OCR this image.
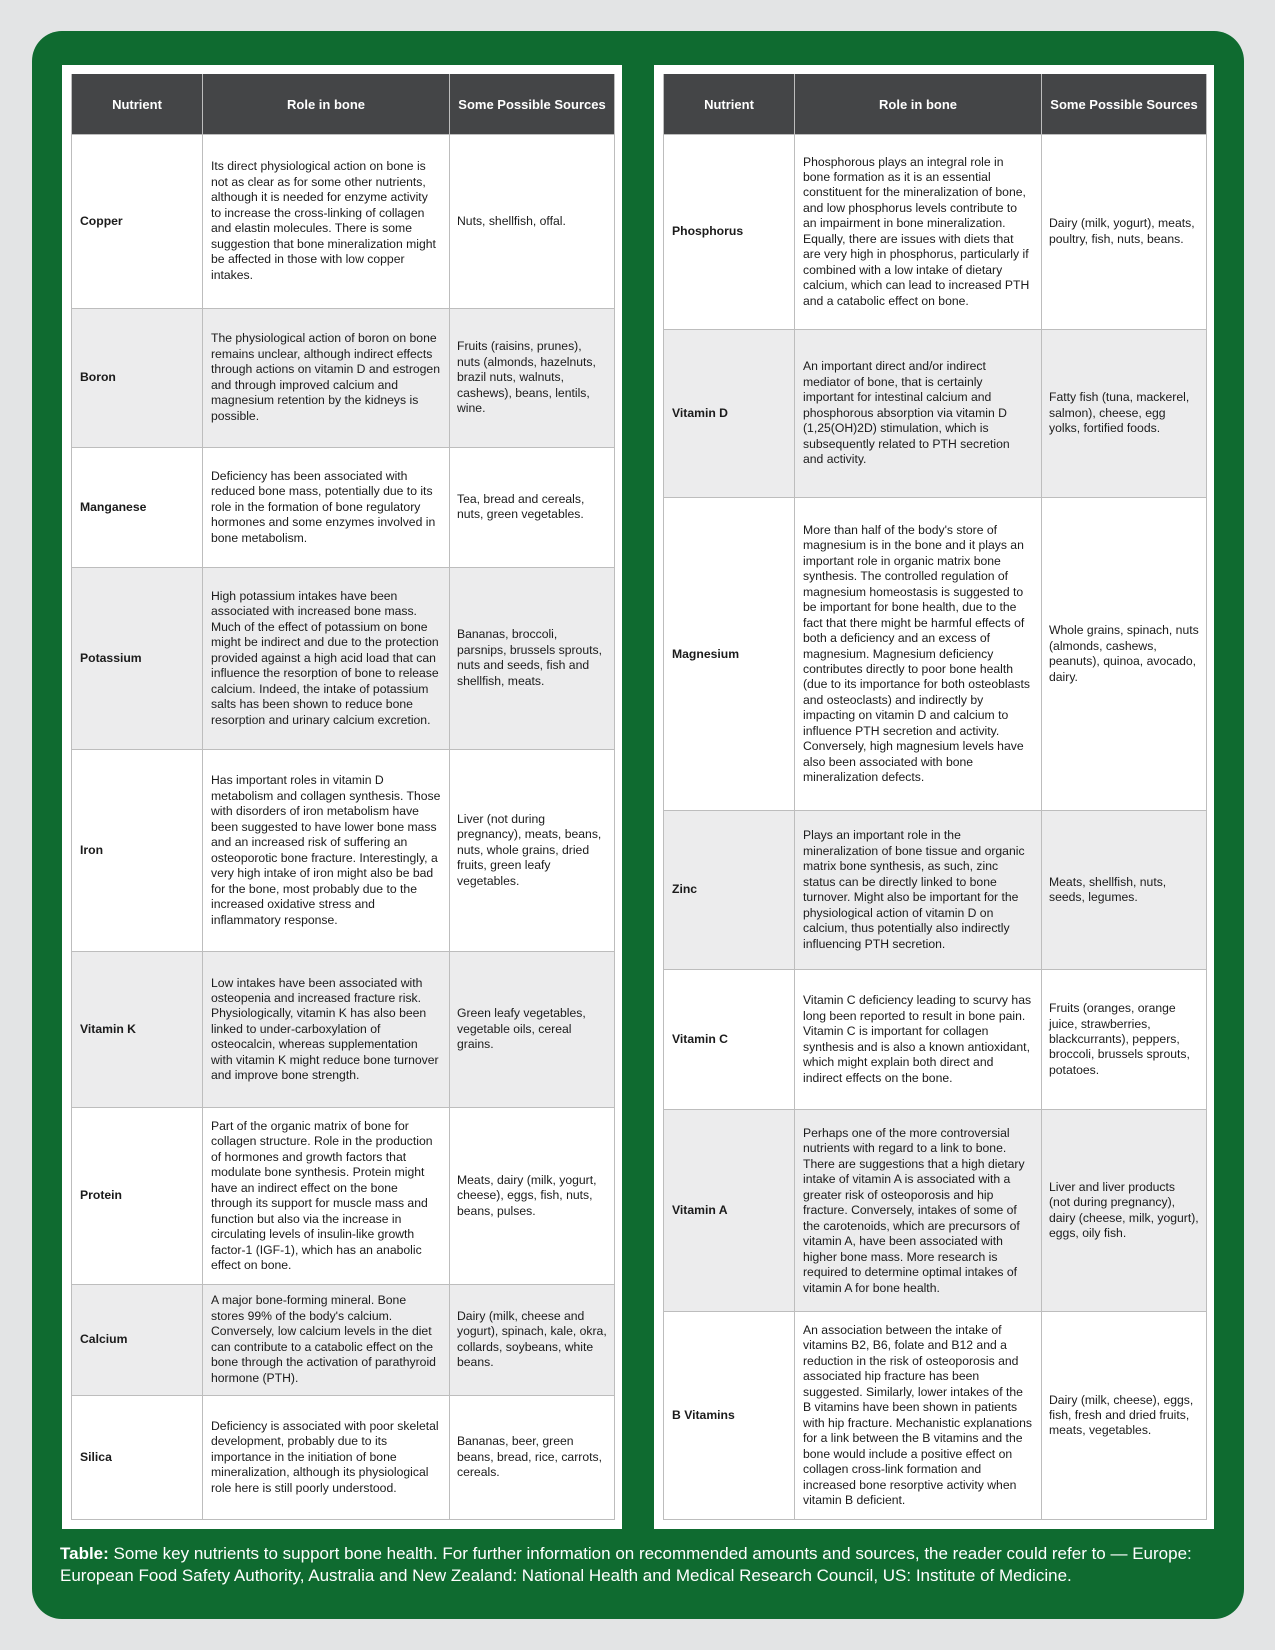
Nutrient	Role in bone	Some Possible Sources
Copper	Its direct physiological action on bone is not as clear as for some other nutrients, although it is needed for enzyme activity to increase the cross-linking of collagen and elastin molecules. There is some suggestion that bone mineralization might be affected in those with low copper intakes.	Nuts, shellfish, offal.
Boron	The physiological action of boron on bone remains unclear, although indirect effects through actions on vitamin D and estrogen and through improved calcium and magnesium retention by the kidneys is possible.	Fruits (raisins, prunes), nuts (almonds, hazelnuts, brazil nuts, walnuts, cashews), beans, lentils, wine.
Manganese	Deficiency has been associated with reduced bone mass, potentially due to its role in the formation of bone regulatory hormones and some enzymes involved in bone metabolism.	Tea, bread and cereals, nuts, green vegetables.
Potassium	High potassium intakes have been associated with increased bone mass. Much of the effect of potassium on bone might be indirect and due to the protection provided against a high acid load that can influence the resorption of bone to release calcium. Indeed, the intake of potassium salts has been shown to reduce bone resorption and urinary calcium excretion.	Bananas, broccoli, parsnips, brussels sprouts, nuts and seeds, fish and shellfish, meats.
Iron	Has important roles in vitamin D metabolism and collagen synthesis. Those with disorders of iron metabolism have been suggested to have lower bone mass and an increased risk of suffering an osteoporotic bone fracture. Interestingly, a very high intake of iron might also be bad for the bone, most probably due to the increased oxidative stress and inflammatory response.	Liver (not during pregnancy), meats, beans, nuts, whole grains, dried fruits, green leafy vegetables.
Vitamin K	Low intakes have been associated with osteopenia and increased fracture risk. Physiologically, vitamin K has also been linked to under-carboxylation of osteocalcin, whereas supplementation with vitamin K might reduce bone turnover and improve bone strength.	Green leafy vegetables, vegetable oils, cereal grains.
Protein	Part of the organic matrix of bone for collagen structure. Role in the production of hormones and growth factors that modulate bone synthesis. Protein might have an indirect effect on the bone through its support for muscle mass and function but also via the increase in circulating levels of insulin-like growth factor-1 (IGF-1), which has an anabolic effect on bone.	Meats, dairy (milk, yogurt, cheese), eggs, fish, nuts, beans, pulses.
Calcium	A major bone-forming mineral. Bone stores 99% of the body's calcium. Conversely, low calcium levels in the diet can contribute to a catabolic effect on the bone through the activation of parathyroid hormone (PTH).	Dairy (milk, cheese and yogurt), spinach, kale, okra, collards, soybeans, white beans.
Silica	Deficiency is associated with poor skeletal development, probably due to its importance in the initiation of bone mineralization, although its physiological role here is still poorly understood.	Bananas, beer, green beans, bread, rice, carrots, cereals.
Nutrient	Role in bone	Some Possible Sources
Phosphorus	Phosphorous plays an integral role in bone formation as it is an essential constituent for the mineralization of bone, and low phosphorus levels contribute to an impairment in bone mineralization. Equally, there are issues with diets that are very high in phosphorus, particularly if combined with a low intake of dietary calcium, which can lead to increased PTH and a catabolic effect on bone.	Dairy (milk, yogurt), meats, poultry, fish, nuts, beans.
Vitamin D	An important direct and/or indirect mediator of bone, that is certainly important for intestinal calcium and phosphorous absorption via vitamin D (1,25(OH)2D) stimulation, which is subsequently related to PTH secretion and activity.	Fatty fish (tuna, mackerel, salmon), cheese, egg yolks, fortified foods.
Magnesium	More than half of the body's store of magnesium is in the bone and it plays an important role in organic matrix bone synthesis. The controlled regulation of magnesium homeostasis is suggested to be important for bone health, due to the fact that there might be harmful effects of both a deficiency and an excess of magnesium. Magnesium deficiency contributes directly to poor bone health (due to its importance for both osteoblasts and osteoclasts) and indirectly by impacting on vitamin D and calcium to influence PTH secretion and activity. Conversely, high magnesium levels have also been associated with bone mineralization defects.	Whole grains, spinach, nuts (almonds, cashews, peanuts), quinoa, avocado, dairy.
Zinc	Plays an important role in the mineralization of bone tissue and organic matrix bone synthesis, as such, zinc status can be directly linked to bone turnover. Might also be important for the physiological action of vitamin D on calcium, thus potentially also indirectly influencing PTH secretion.	Meats, shellfish, nuts, seeds, legumes.
Vitamin C	Vitamin C deficiency leading to scurvy has long been reported to result in bone pain. Vitamin C is important for collagen synthesis and is also a known antioxidant, which might explain both direct and indirect effects on the bone.	Fruits (oranges, orange juice, strawberries, blackcurrants), peppers, broccoli, brussels sprouts, potatoes.
Vitamin A	Perhaps one of the more controversial nutrients with regard to a link to bone. There are suggestions that a high dietary intake of vitamin A is associated with a greater risk of osteoporosis and hip fracture. Conversely, intakes of some of the carotenoids, which are precursors of vitamin A, have been associated with higher bone mass. More research is required to determine optimal intakes of vitamin A for bone health.	Liver and liver products (not during pregnancy), dairy (cheese, milk, yogurt), eggs, oily fish.
B Vitamins	An association between the intake of vitamins B2, B6, folate and B12 and a reduction in the risk of osteoporosis and associated hip fracture has been suggested. Similarly, lower intakes of the B vitamins have been shown in patients with hip fracture. Mechanistic explanations for a link between the B vitamins and the bone would include a positive effect on collagen cross-link formation and increased bone resorptive activity when vitamin B deficient.	Dairy (milk, cheese), eggs, fish, fresh and dried fruits, meats, vegetables.
Table: Some key nutrients to support bone health. For further information on recommended amounts and sources, the reader could refer to — Europe: European Food Safety Authority, Australia and New Zealand: National Health and Medical Research Council, US: Institute of Medicine.
